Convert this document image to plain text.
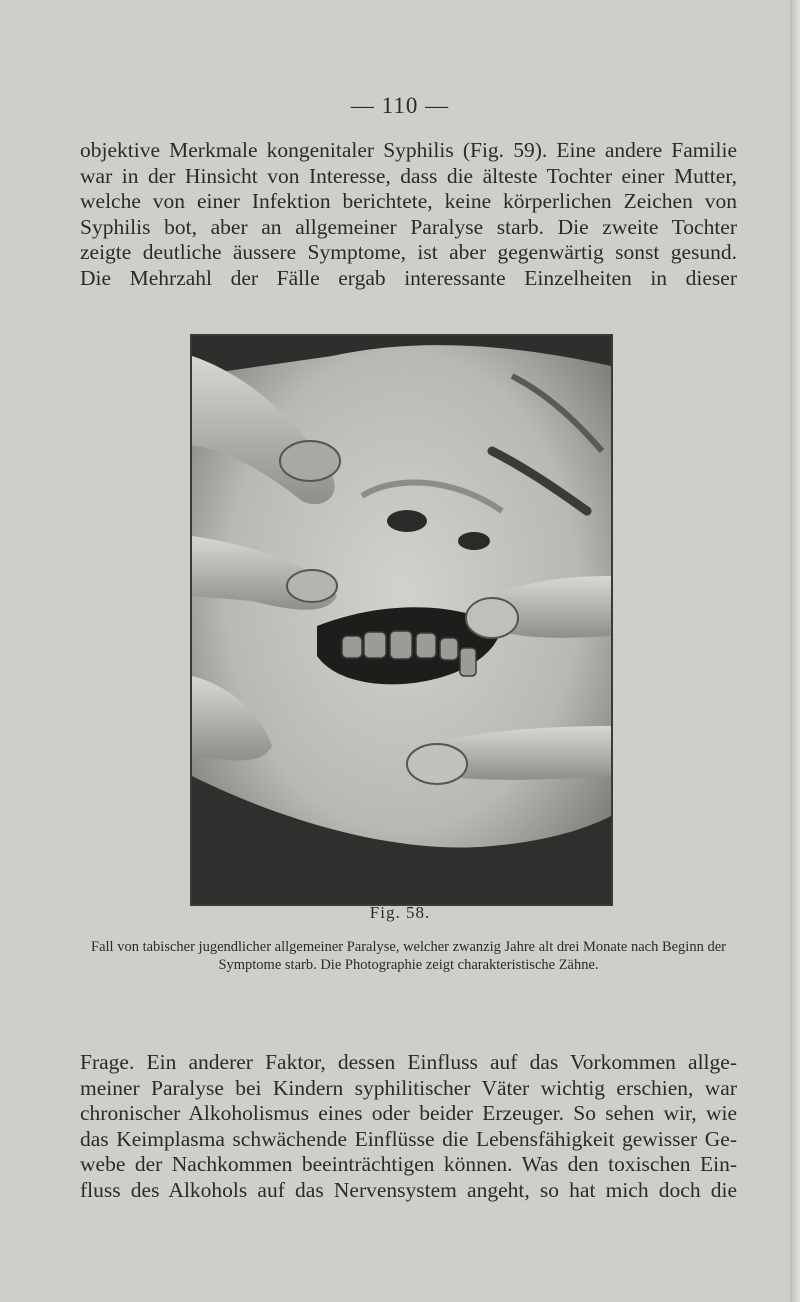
— 110 —
objektive Merkmale kongenitaler Syphilis (Fig. 59). Eine andere Familie
war in der Hinsicht von Interesse, dass die älteste Tochter einer Mutter,
welche von einer Infektion berichtete, keine körperlichen Zeichen von
Syphilis bot, aber an allgemeiner Paralyse starb. Die zweite Tochter
zeigte deutliche äussere Symptome, ist aber gegenwärtig sonst gesund.
Die Mehrzahl der Fälle ergab interessante Einzelheiten in dieser
Fig. 58.
Fall von tabischer jugendlicher allgemeiner Paralyse, welcher zwanzig Jahre alt drei Monate nach Beginn der Symptome starb. Die Photographie zeigt charakteristische Zähne.
Frage. Ein anderer Faktor, dessen Einfluss auf das Vorkommen allge-
meiner Paralyse bei Kindern syphilitischer Väter wichtig erschien, war
chronischer Alkoholismus eines oder beider Erzeuger. So sehen wir, wie
das Keimplasma schwächende Einflüsse die Lebensfähigkeit gewisser Ge-
webe der Nachkommen beeinträchtigen können. Was den toxischen Ein-
fluss des Alkohols auf das Nervensystem angeht, so hat mich doch die
